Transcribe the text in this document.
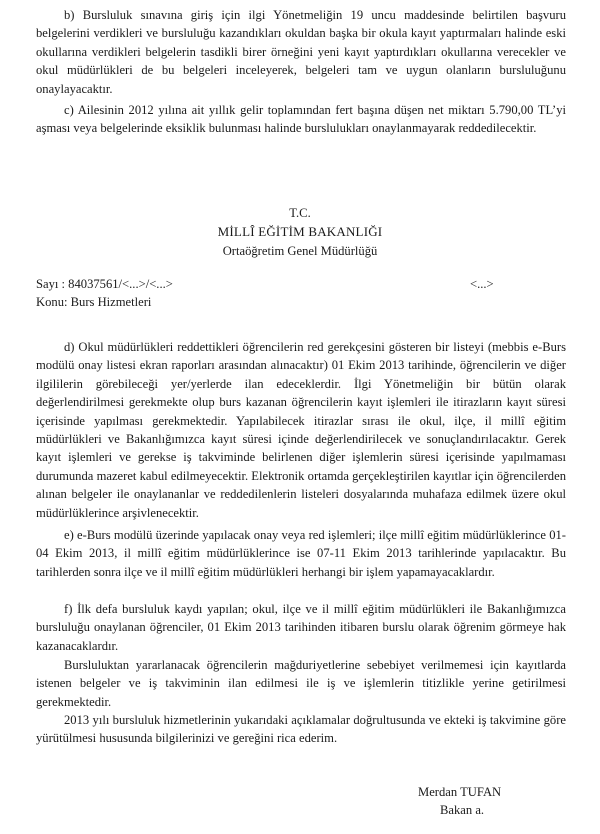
b) Bursluluk sınavına giriş için ilgi Yönetmeliğin 19 uncu maddesinde belirtilen başvuru belgelerini verdikleri ve bursluluğu kazandıkları okuldan başka bir okula kayıt yaptırmaları halinde eski okullarına verdikleri belgelerin tasdikli birer örneğini yeni kayıt yaptırdıkları okullarına verecekler ve okul müdürlükleri de bu belgeleri inceleyerek, belgeleri tam ve uygun olanların bursluluğunu onaylayacaktır.

c) Ailesinin 2012 yılına ait yıllık gelir toplamından fert başına düşen net miktarı 5.790,00 TL’yi aşması veya belgelerinde eksiklik bulunması halinde burslulukları onaylanmayarak reddedilecektir.

T.C.

MİLLÎ EĞİTİM BAKANLIĞI

Ortaöğretim Genel Müdürlüğü

Sayı : 84037561/<...>/<...>	<...>

Konu: Burs Hizmetleri

d) Okul müdürlükleri reddettikleri öğrencilerin red gerekçesini gösteren bir listeyi (mebbis e-Burs modülü onay listesi ekran raporları arasından alınacaktır) 01 Ekim 2013 tarihinde, öğrencilerin ve diğer ilgililerin görebileceği yer/yerlerde ilan edeceklerdir. İlgi Yönetmeliğin bir bütün olarak değerlendirilmesi gerekmekte olup burs kazanan öğrencilerin kayıt işlemleri ile itirazların kayıt süresi içerisinde yapılması gerekmektedir. Yapılabilecek itirazlar sırası ile okul, ilçe, il millî eğitim müdürlükleri ve Bakanlığımızca kayıt süresi içinde değerlendirilecek ve sonuçlandırılacaktır. Gerek kayıt işlemleri ve gerekse iş takviminde belirlenen diğer işlemlerin süresi içerisinde yapılmaması durumunda mazeret kabul edilmeyecektir. Elektronik ortamda gerçekleştirilen kayıtlar için öğrencilerden alınan belgeler ile onaylananlar ve reddedilenlerin listeleri dosyalarında muhafaza edilmek üzere okul müdürlüklerince arşivlenecektir.

e) e-Burs modülü üzerinde yapılacak onay veya red işlemleri; ilçe millî eğitim müdürlüklerince 01-04 Ekim 2013, il millî eğitim müdürlüklerince ise 07-11 Ekim 2013 tarihlerinde yapılacaktır. Bu tarihlerden sonra ilçe ve il millî eğitim müdürlükleri herhangi bir işlem yapamayacaklardır.

f) İlk defa bursluluk kaydı yapılan; okul, ilçe ve il millî eğitim müdürlükleri ile Bakanlığımızca bursluluğu onaylanan öğrenciler, 01 Ekim 2013 tarihinden itibaren burslu olarak öğrenim görmeye hak kazanacaklardır.

Bursluluktan yararlanacak öğrencilerin mağduriyetlerine sebebiyet verilmemesi için kayıtlarda istenen belgeler ve iş takviminin ilan edilmesi ile iş ve işlemlerin titizlikle yerine getirilmesi gerekmektedir.

2013 yılı bursluluk hizmetlerinin yukarıdaki açıklamalar doğrultusunda ve ekteki iş takvimine göre yürütülmesi hususunda bilgilerinizi ve gereğini rica ederim.

Merdan TUFAN

Bakan a.
